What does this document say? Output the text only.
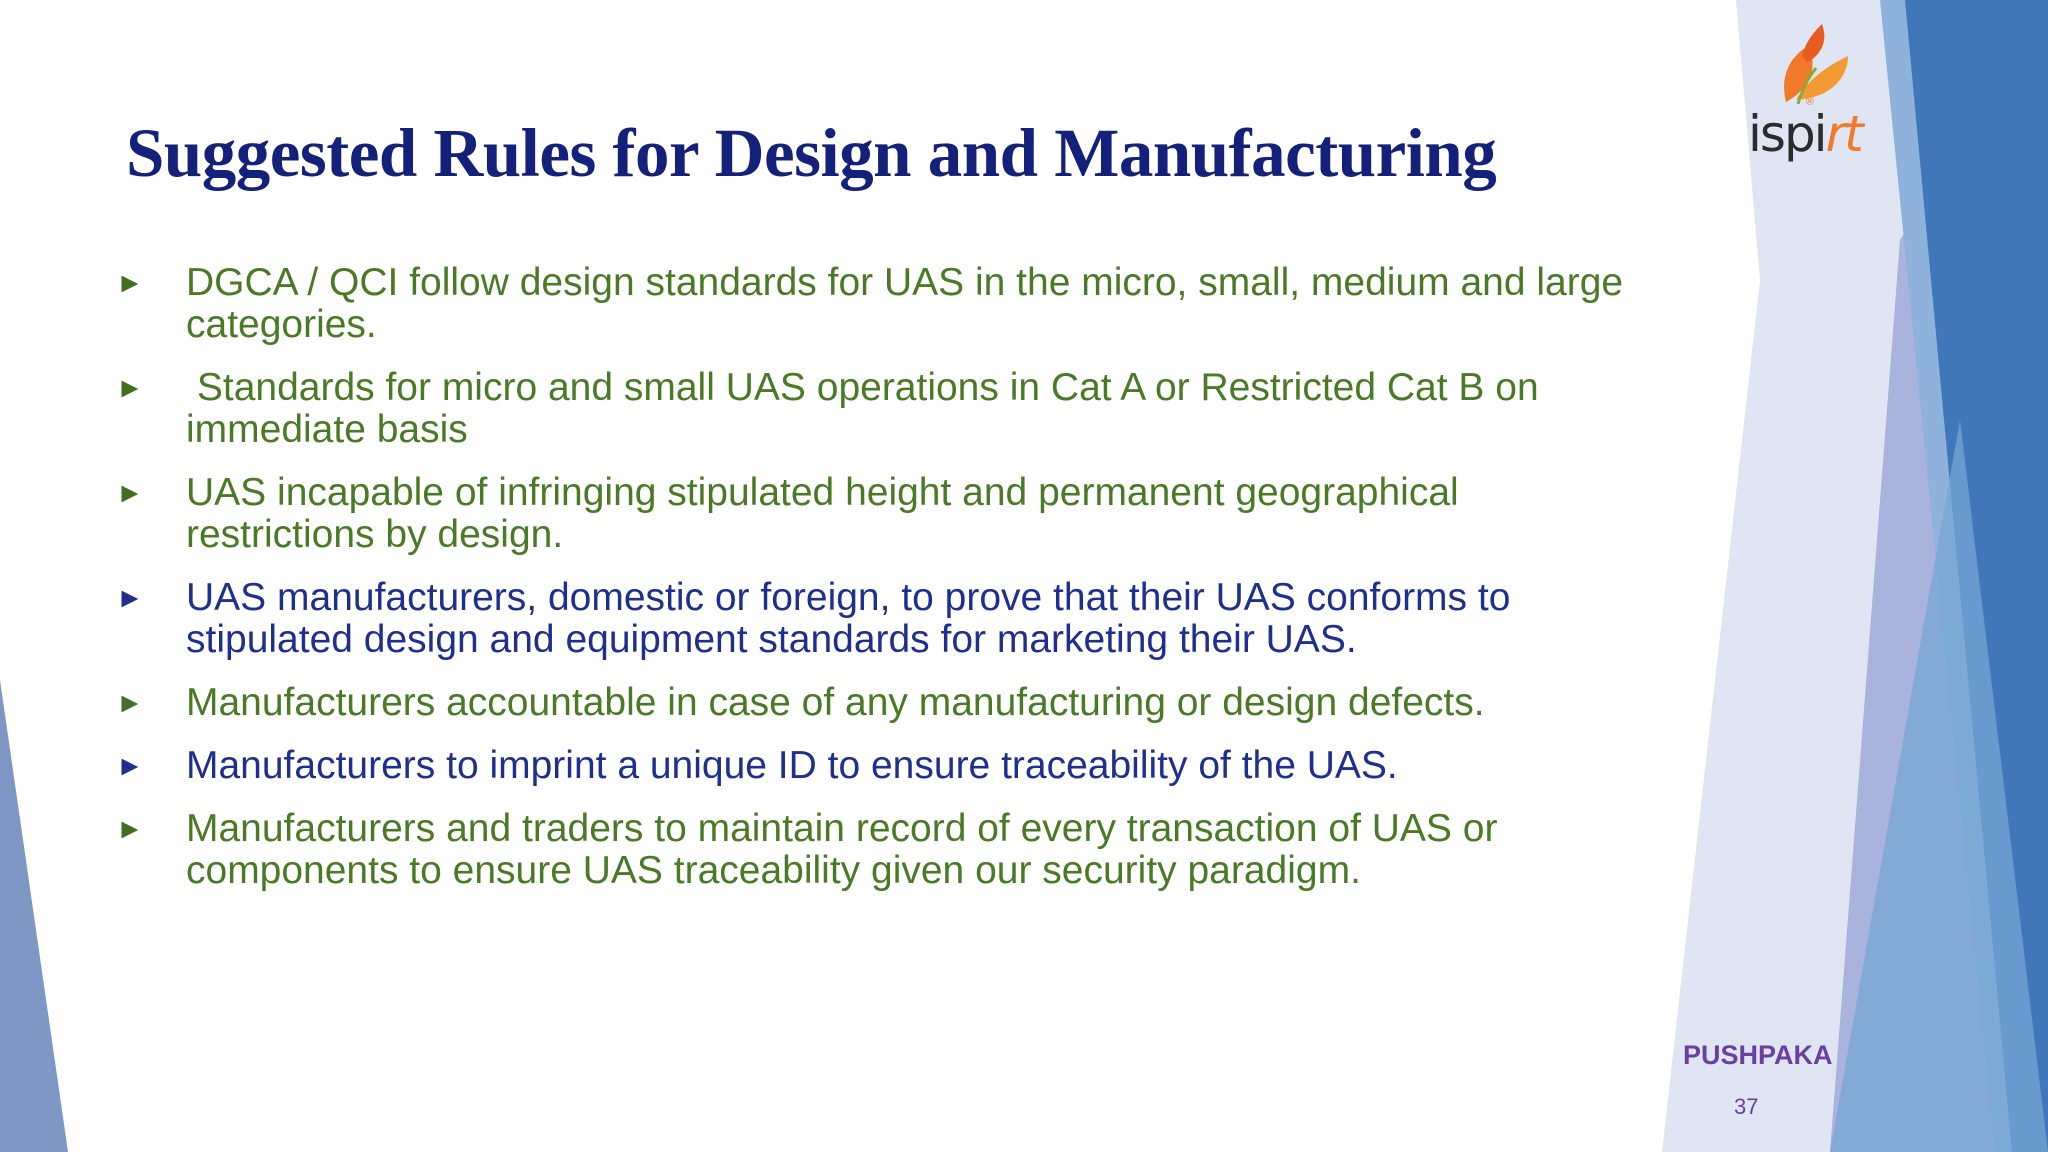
ispirt
®
Suggested Rules for Design and Manufacturing
► DGCA / QCI follow design standards for UAS in the micro, small, medium and large categories.
► Standards for micro and small UAS operations in Cat A or Restricted Cat B on immediate basis
► UAS incapable of infringing stipulated height and permanent geographical restrictions by design.
► UAS manufacturers, domestic or foreign, to prove that their UAS conforms to stipulated design and equipment standards for marketing their UAS.
► Manufacturers accountable in case of any manufacturing or design defects.
► Manufacturers to imprint a unique ID to ensure traceability of the UAS.
► Manufacturers and traders to maintain record of every transaction of UAS or components to ensure UAS traceability given our security paradigm.
PUSHPAKA
37
